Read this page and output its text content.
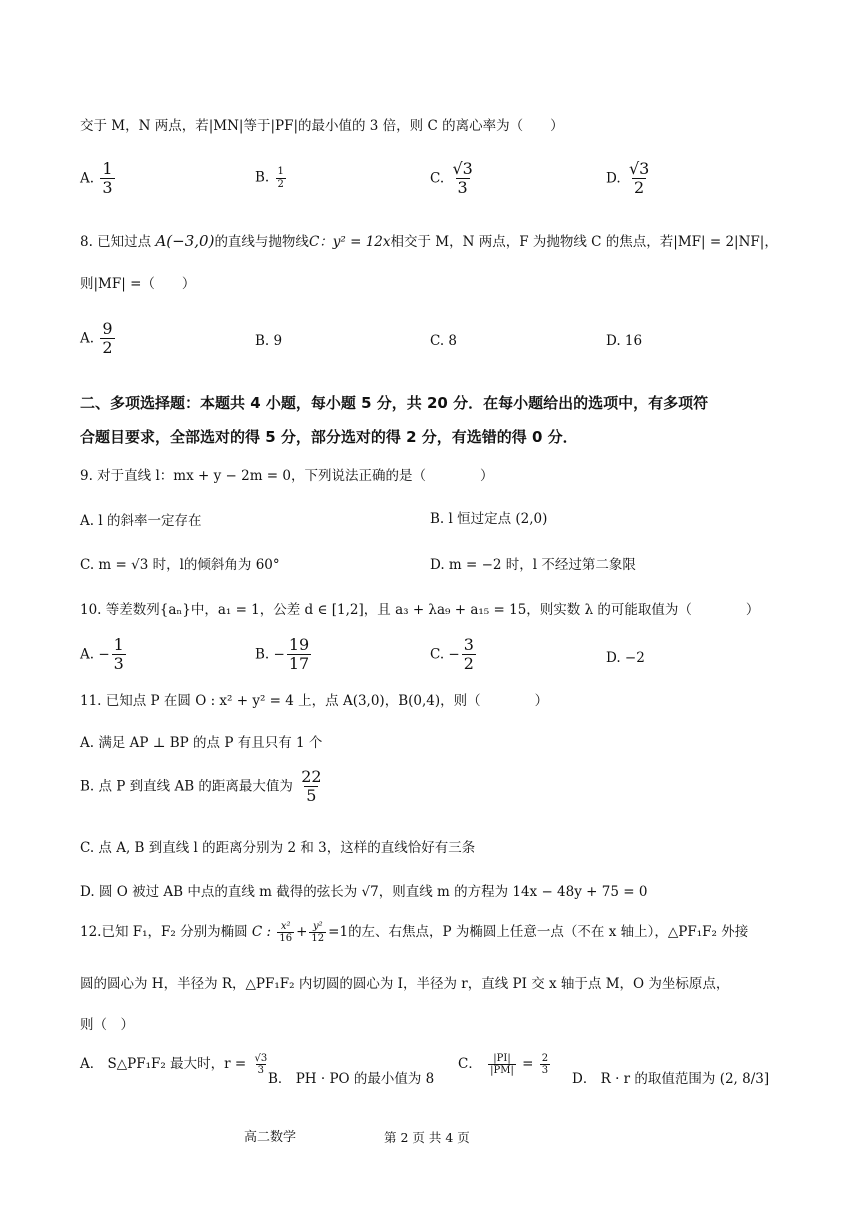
交于 M，N 两点，若|MN|等于|PF|的最小值的 3 倍，则 C 的离心率为（　　）
A. $\frac{1}{3}$	B. $\frac{1}{2}$	C. $\frac{√3}{3}$	D. $\frac{√3}{2}$
8. 已知过点 A(−3,0)的直线与抛物线C：y² = 12x相交于 M，N 两点，F 为抛物线 C 的焦点，若|MF| = 2|NF|，
则|MF| =（　　）
A. $\frac{9}{2}$	B. 9	C. 8	D. 16
二、多项选择题：本题共 4 小题，每小题 5 分，共 20 分．在每小题给出的选项中，有多项符
合题目要求，全部选对的得 5 分，部分选对的得 2 分，有选错的得 0 分．
9. 对于直线 l：mx + y − 2m = 0，下列说法正确的是（　　　　）
A. l 的斜率一定存在	B. l 恒过定点 (2,0)
C. m = √3 时，l的倾斜角为 60°	D. m = −2 时，l 不经过第二象限
10. 等差数列{aₙ}中，a₁ = 1，公差 d ∈ [1,2]，且 a₃ + λa₉ + a₁₅ = 15，则实数 λ 的可能取值为（　　　　）
A. − $\frac{1}{3}$	B. − $\frac{19}{17}$	C. − $\frac{3}{2}$	D. −2
11. 已知点 P 在圆 O : x² + y² = 4 上，点 A(3,0)，B(0,4)，则（　　　　）
A. 满足 AP ⊥ BP 的点 P 有且只有 1 个
B. 点 P 到直线 AB 的距离最大值为 $\frac{22}{5}$
C. 点 A, B 到直线 l 的距离分别为 2 和 3，这样的直线恰好有三条
D. 圆 O 被过 AB 中点的直线 m 截得的弦长为 √7，则直线 m 的方程为 14x − 48y + 75 = 0
12.已知 F₁，F₂ 分别为椭圆 C : $\frac{\text{x²}}{16} + \frac{\text{y²}}{12} =1$的左、右焦点，P 为椭圆上任意一点（不在 x 轴上），△PF₁F₂ 外接
圆的圆心为 H，半径为 R，△PF₁F₂ 内切圆的圆心为 I，半径为 r，直线 PI 交 x 轴于点 M，O 为坐标原点，
则（　）
A． S△PF₁F₂ 最大时，$r = \frac{√3}{3}$
B． PH · PO 的最小值为 8
C． $\frac{|PI|}{|PM|} = \frac{2}{3}$
D． R · r 的取值范围为 (2, 8/3]
高二数学	第 2 页 共 4 页
